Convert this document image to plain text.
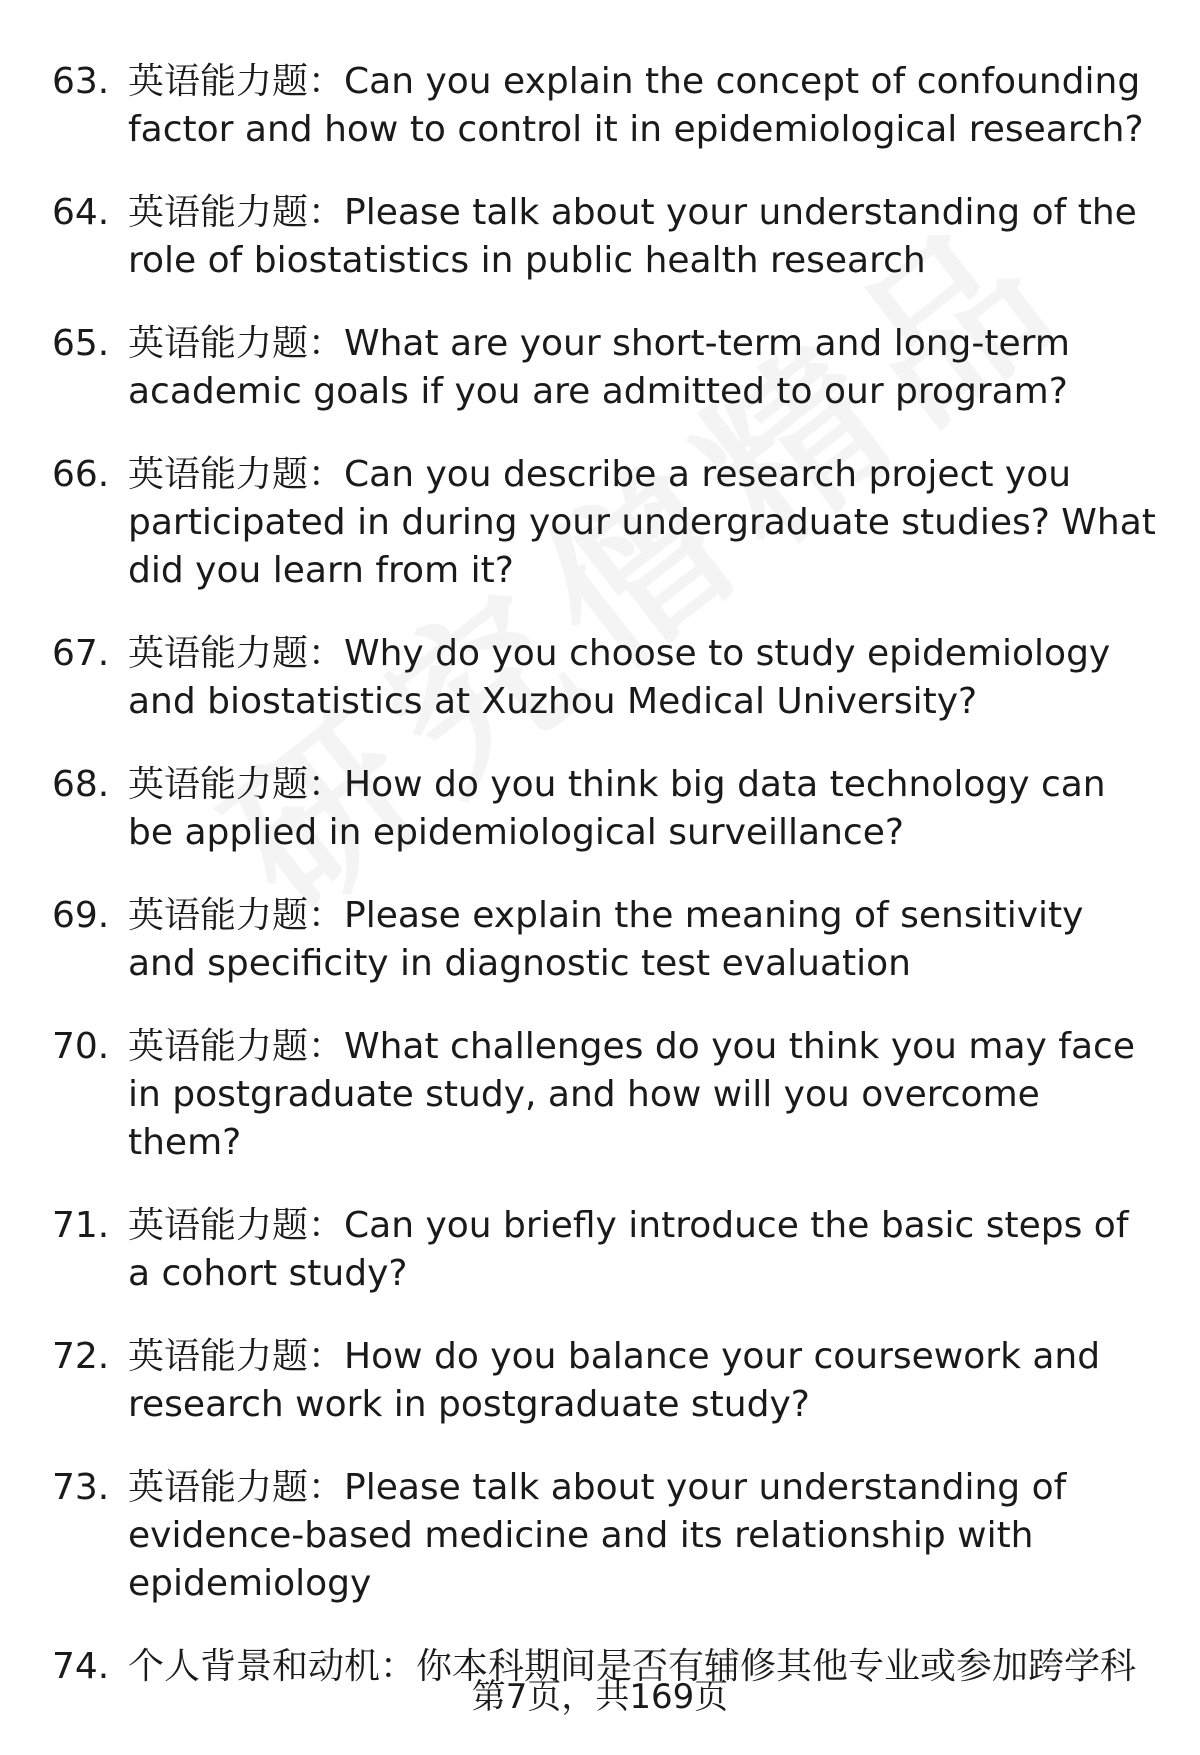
63. 英语能力题：Can you explain the concept of confounding factor and how to control it in epidemiological research?
64. 英语能力题：Please talk about your understanding of the role of biostatistics in public health research
65. 英语能力题：What are your short-term and long-term academic goals if you are admitted to our program?
66. 英语能力题：Can you describe a research project you participated in during your undergraduate studies? What did you learn from it?
67. 英语能力题：Why do you choose to study epidemiology and biostatistics at Xuzhou Medical University?
68. 英语能力题：How do you think big data technology can be applied in epidemiological surveillance?
69. 英语能力题：Please explain the meaning of sensitivity and specificity in diagnostic test evaluation
70. 英语能力题：What challenges do you think you may face in postgraduate study, and how will you overcome them?
71. 英语能力题：Can you briefly introduce the basic steps of a cohort study?
72. 英语能力题：How do you balance your coursework and research work in postgraduate study?
73. 英语能力题：Please talk about your understanding of evidence-based medicine and its relationship with epidemiology
74. 个人背景和动机：你本科期间是否有辅修其他专业或参加跨学科
第7页，共169页
